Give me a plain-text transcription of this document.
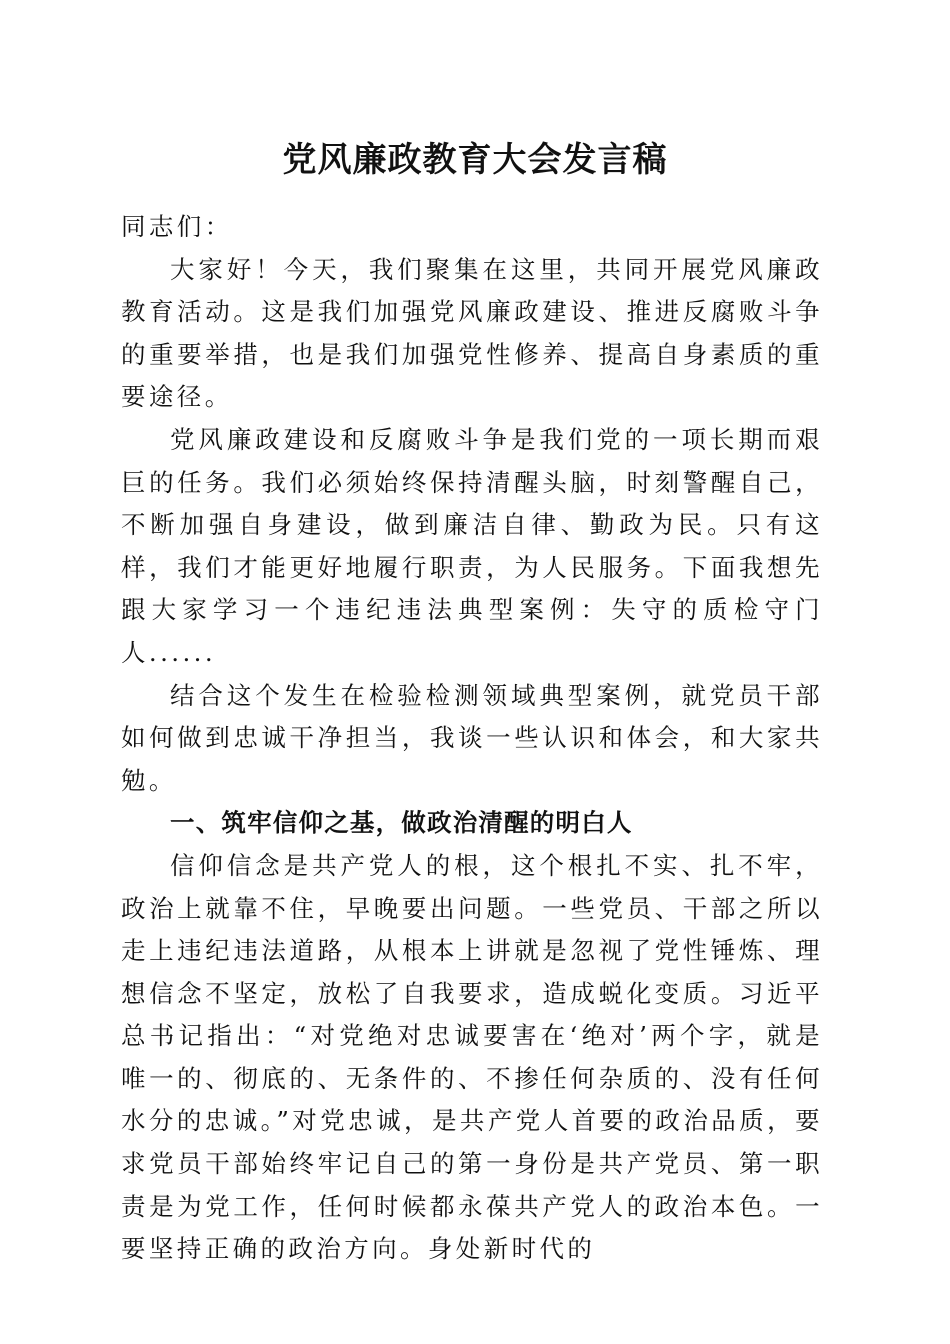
党风廉政教育大会发言稿

同志们：

大家好！今天，我们聚集在这里，共同开展党风廉政教育活动。这是我们加强党风廉政建设、推进反腐败斗争的重要举措，也是我们加强党性修养、提高自身素质的重要途径。

党风廉政建设和反腐败斗争是我们党的一项长期而艰巨的任务。我们必须始终保持清醒头脑，时刻警醒自己，不断加强自身建设，做到廉洁自律、勤政为民。只有这样，我们才能更好地履行职责，为人民服务。下面我想先跟大家学习一个违纪违法典型案例：失守的质检守门人......

结合这个发生在检验检测领域典型案例，就党员干部如何做到忠诚干净担当，我谈一些认识和体会，和大家共勉。

一、筑牢信仰之基，做政治清醒的明白人

信仰信念是共产党人的根，这个根扎不实、扎不牢，政治上就靠不住，早晚要出问题。一些党员、干部之所以走上违纪违法道路，从根本上讲就是忽视了党性锤炼、理想信念不坚定，放松了自我要求，造成蜕化变质。习近平总书记指出：“对党绝对忠诚要害在‘绝对’两个字，就是唯一的、彻底的、无条件的、不掺任何杂质的、没有任何水分的忠诚。”对党忠诚，是共产党人首要的政治品质，要求党员干部始终牢记自己的第一身份是共产党员、第一职责是为党工作，任何时候都永葆共产党人的政治本色。一要坚持正确的政治方向。身处新时代的
